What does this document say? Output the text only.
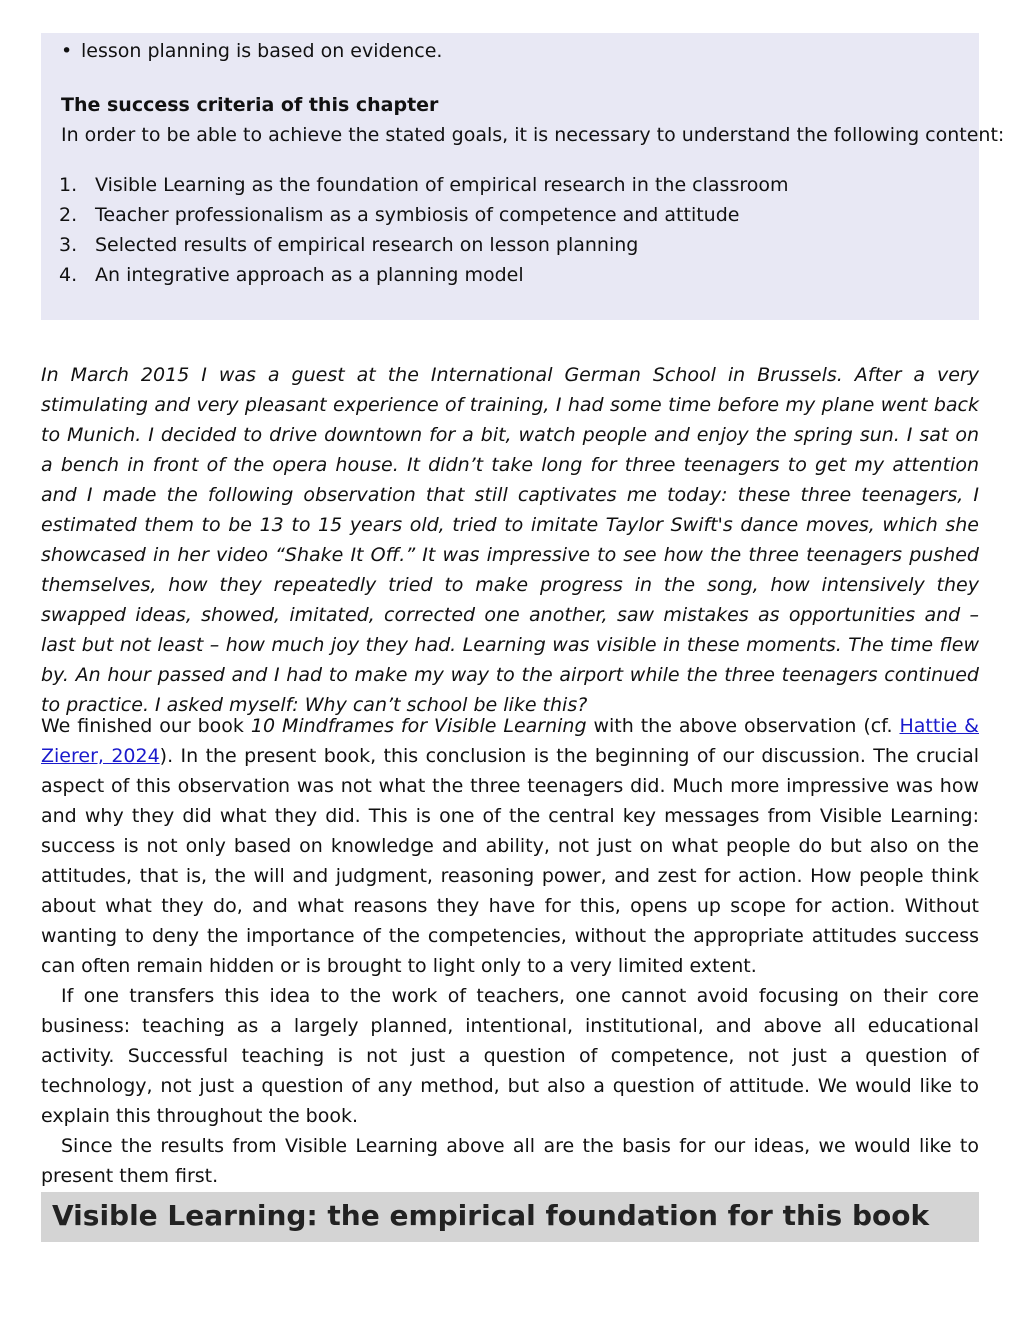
• lesson planning is based on evidence.
The success criteria of this chapter

In order to be able to achieve the stated goals, it is necessary to understand the following content:

1. Visible Learning as the foundation of empirical research in the classroom
2. Teacher professionalism as a symbiosis of competence and attitude
3. Selected results of empirical research on lesson planning
4. An integrative approach as a planning model

In March 2015 I was a guest at the International German School in Brussels. After a very stimulating and very pleasant experience of training, I had some time before my plane went back to Munich. I decided to drive downtown for a bit, watch people and enjoy the spring sun. I sat on a bench in front of the opera house. It didn’t take long for three teenagers to get my attention and I made the following observation that still captivates me today: these three teenagers, I estimated them to be 13 to 15 years old, tried to imitate Taylor Swift's dance moves, which she showcased in her video “Shake It Off.” It was impressive to see how the three teenagers pushed themselves, how they repeatedly tried to make progress in the song, how intensively they swapped ideas, showed, imitated, corrected one another, saw mistakes as opportunities and – last but not least – how much joy they had. Learning was visible in these moments. The time flew by. An hour passed and I had to make my way to the airport while the three teenagers continued to practice. I asked myself: Why can’t school be like this?

We finished our book 10 Mindframes for Visible Learning with the above observation (cf. Hattie & Zierer, 2024). In the present book, this conclusion is the beginning of our discussion. The crucial aspect of this observation was not what the three teenagers did. Much more impressive was how and why they did what they did. This is one of the central key messages from Visible Learning: success is not only based on knowledge and ability, not just on what people do but also on the attitudes, that is, the will and judgment, reasoning power, and zest for action. How people think about what they do, and what reasons they have for this, opens up scope for action. Without wanting to deny the importance of the competencies, without the appropriate attitudes success can often remain hidden or is brought to light only to a very limited extent.

If one transfers this idea to the work of teachers, one cannot avoid focusing on their core business: teaching as a largely planned, intentional, institutional, and above all educational activity. Successful teaching is not just a question of competence, not just a question of technology, not just a question of any method, but also a question of attitude. We would like to explain this throughout the book.

Since the results from Visible Learning above all are the basis for our ideas, we would like to present them first.

Visible Learning: the empirical foundation for this book
